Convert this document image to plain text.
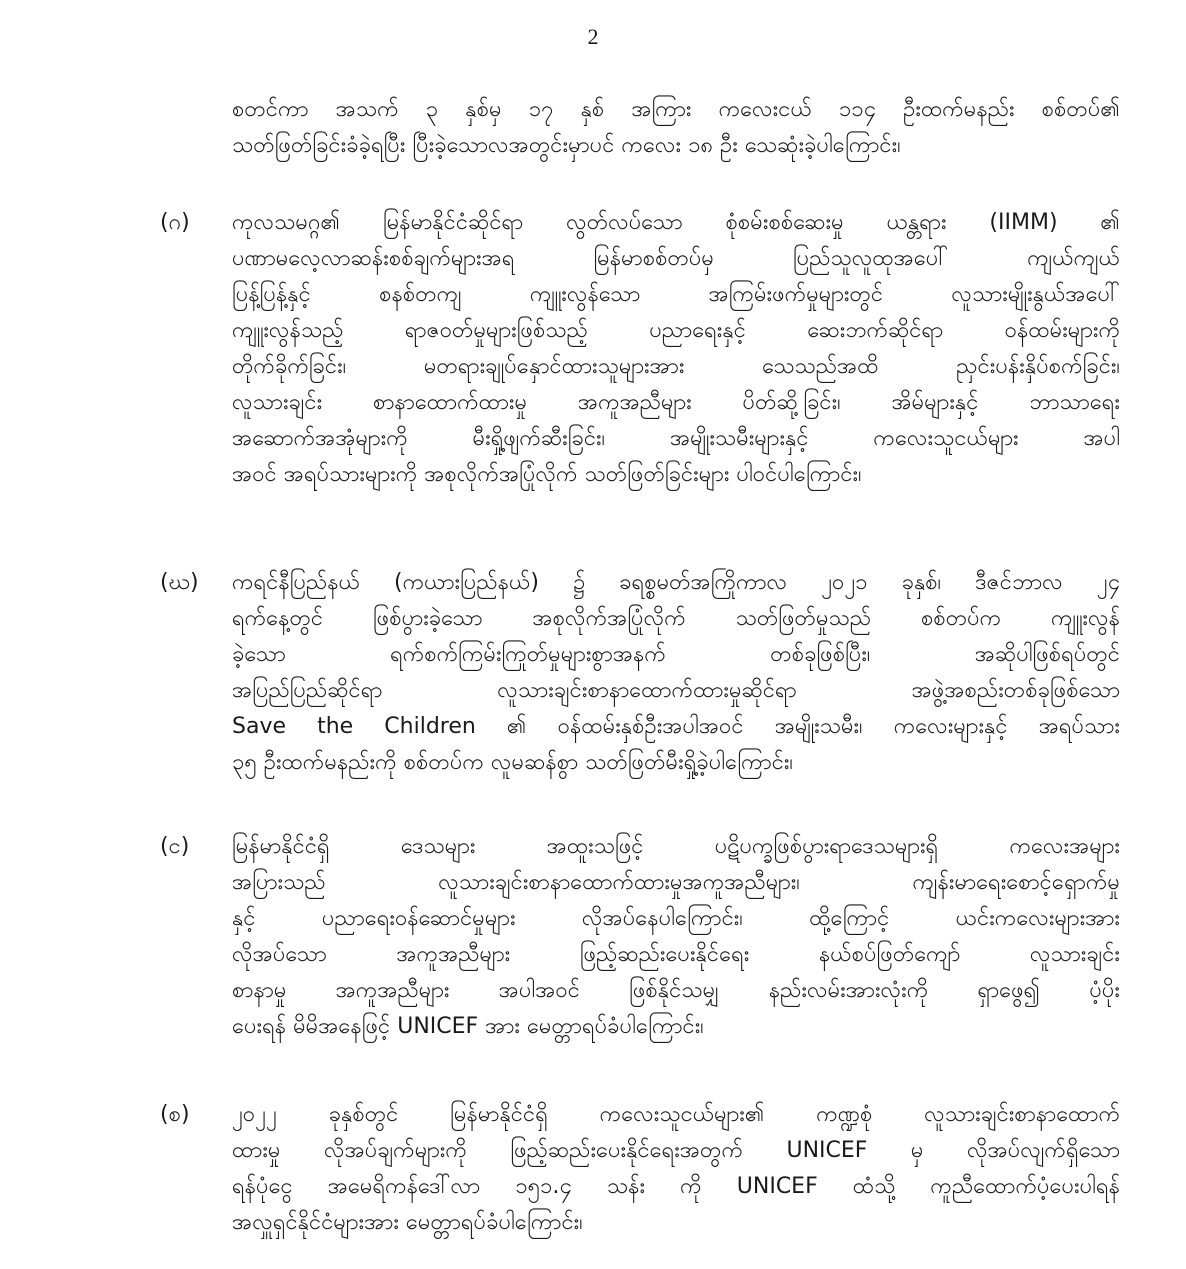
2
စတင်ကာ အသက် ၃ နှစ်မှ ၁၇ နှစ် အကြား ကလေးငယ် ၁၁၄ ဦးထက်မနည်း စစ်တပ်၏
သတ်ဖြတ်ခြင်းခံခဲ့ရပြီး ပြီးခဲ့သောလအတွင်းမှာပင် ကလေး ၁၈ ဦး သေဆုံးခဲ့ပါကြောင်း၊
(ဂ)	ကုလသမဂ္ဂ၏ မြန်မာနိုင်ငံဆိုင်ရာ လွတ်လပ်သော စုံစမ်းစစ်ဆေးမှု ယန္တရား (IIMM) ၏
ပဏာမလေ့လာဆန်းစစ်ချက်များအရ မြန်မာစစ်တပ်မှ ပြည်သူလူထုအပေါ် ကျယ်ကျယ်
ပြန့်ပြန့်နှင့် စနစ်တကျ ကျူးလွန်သော အကြမ်းဖက်မှုများတွင် လူသားမျိုးနွယ်အပေါ်
ကျူးလွန်သည့် ရာဇဝတ်မှုများဖြစ်သည့် ပညာရေးနှင့် ဆေးဘက်ဆိုင်ရာ ဝန်ထမ်းများကို
တိုက်ခိုက်ခြင်း၊ မတရားချုပ်နှောင်ထားသူများအား သေသည်အထိ ညှင်းပန်းနှိပ်စက်ခြင်း၊
လူသားချင်း စာနာထောက်ထားမှု အကူအညီများ ပိတ်ဆို့ခြင်း၊ အိမ်များနှင့် ဘာသာရေး
အဆောက်အအုံများကို မီးရှို့ဖျက်ဆီးခြင်း၊ အမျိုးသမီးများနှင့် ကလေးသူငယ်များ အပါ
အဝင် အရပ်သားများကို အစုလိုက်အပြုံလိုက် သတ်ဖြတ်ခြင်းများ ပါဝင်ပါကြောင်း၊
(ဃ)	ကရင်နီပြည်နယ် (ကယားပြည်နယ်) ၌ ခရစ္စမတ်အကြိုကာလ ၂၀၂၁ ခုနှစ်၊ ဒီဇင်ဘာလ ၂၄
ရက်နေ့တွင် ဖြစ်ပွားခဲ့သော အစုလိုက်အပြုံလိုက် သတ်ဖြတ်မှုသည် စစ်တပ်က ကျူးလွန်
ခဲ့သော ရက်စက်ကြမ်းကြုတ်မှုများစွာအနက် တစ်ခုဖြစ်ပြီး၊ အဆိုပါဖြစ်ရပ်တွင်
အပြည်ပြည်ဆိုင်ရာ လူသားချင်းစာနာထောက်ထားမှုဆိုင်ရာ အဖွဲ့အစည်းတစ်ခုဖြစ်သော
Save the Children ၏ ဝန်ထမ်းနှစ်ဦးအပါအဝင် အမျိုးသမီး၊ ကလေးများနှင့် အရပ်သား
၃၅ ဦးထက်မနည်းကို စစ်တပ်က လူမဆန်စွာ သတ်ဖြတ်မီးရှို့ခဲ့ပါကြောင်း၊
(င)	မြန်မာနိုင်ငံရှိ ဒေသများ အထူးသဖြင့် ပဋိပက္ခဖြစ်ပွားရာဒေသများရှိ ကလေးအများ
အပြားသည် လူသားချင်းစာနာထောက်ထားမှုအကူအညီများ၊ ကျန်းမာရေးစောင့်ရှောက်မှု
နှင့် ပညာရေးဝန်ဆောင်မှုများ လိုအပ်နေပါကြောင်း၊ ထို့ကြောင့် ယင်းကလေးများအား
လိုအပ်သော အကူအညီများ ဖြည့်ဆည်းပေးနိုင်ရေး နယ်စပ်ဖြတ်ကျော် လူသားချင်း
စာနာမှု အကူအညီများ အပါအဝင် ဖြစ်နိုင်သမျှ နည်းလမ်းအားလုံးကို ရှာဖွေ၍ ပံ့ပိုး
ပေးရန် မိမိအနေဖြင့် UNICEF အား မေတ္တာရပ်ခံပါကြောင်း၊
(စ)	၂၀၂၂ ခုနှစ်တွင် မြန်မာနိုင်ငံရှိ ကလေးသူငယ်များ၏ ကဏ္ဍစုံ လူသားချင်းစာနာထောက်
ထားမှု လိုအပ်ချက်များကို ဖြည့်ဆည်းပေးနိုင်ရေးအတွက် UNICEF မှ လိုအပ်လျက်ရှိသော
ရန်ပုံငွေ အမေရိကန်ဒေါ်လာ ၁၅၁.၄ သန်း ကို UNICEF ထံသို့ ကူညီထောက်ပံ့ပေးပါရန်
အလှူရှင်နိုင်ငံများအား မေတ္တာရပ်ခံပါကြောင်း၊
